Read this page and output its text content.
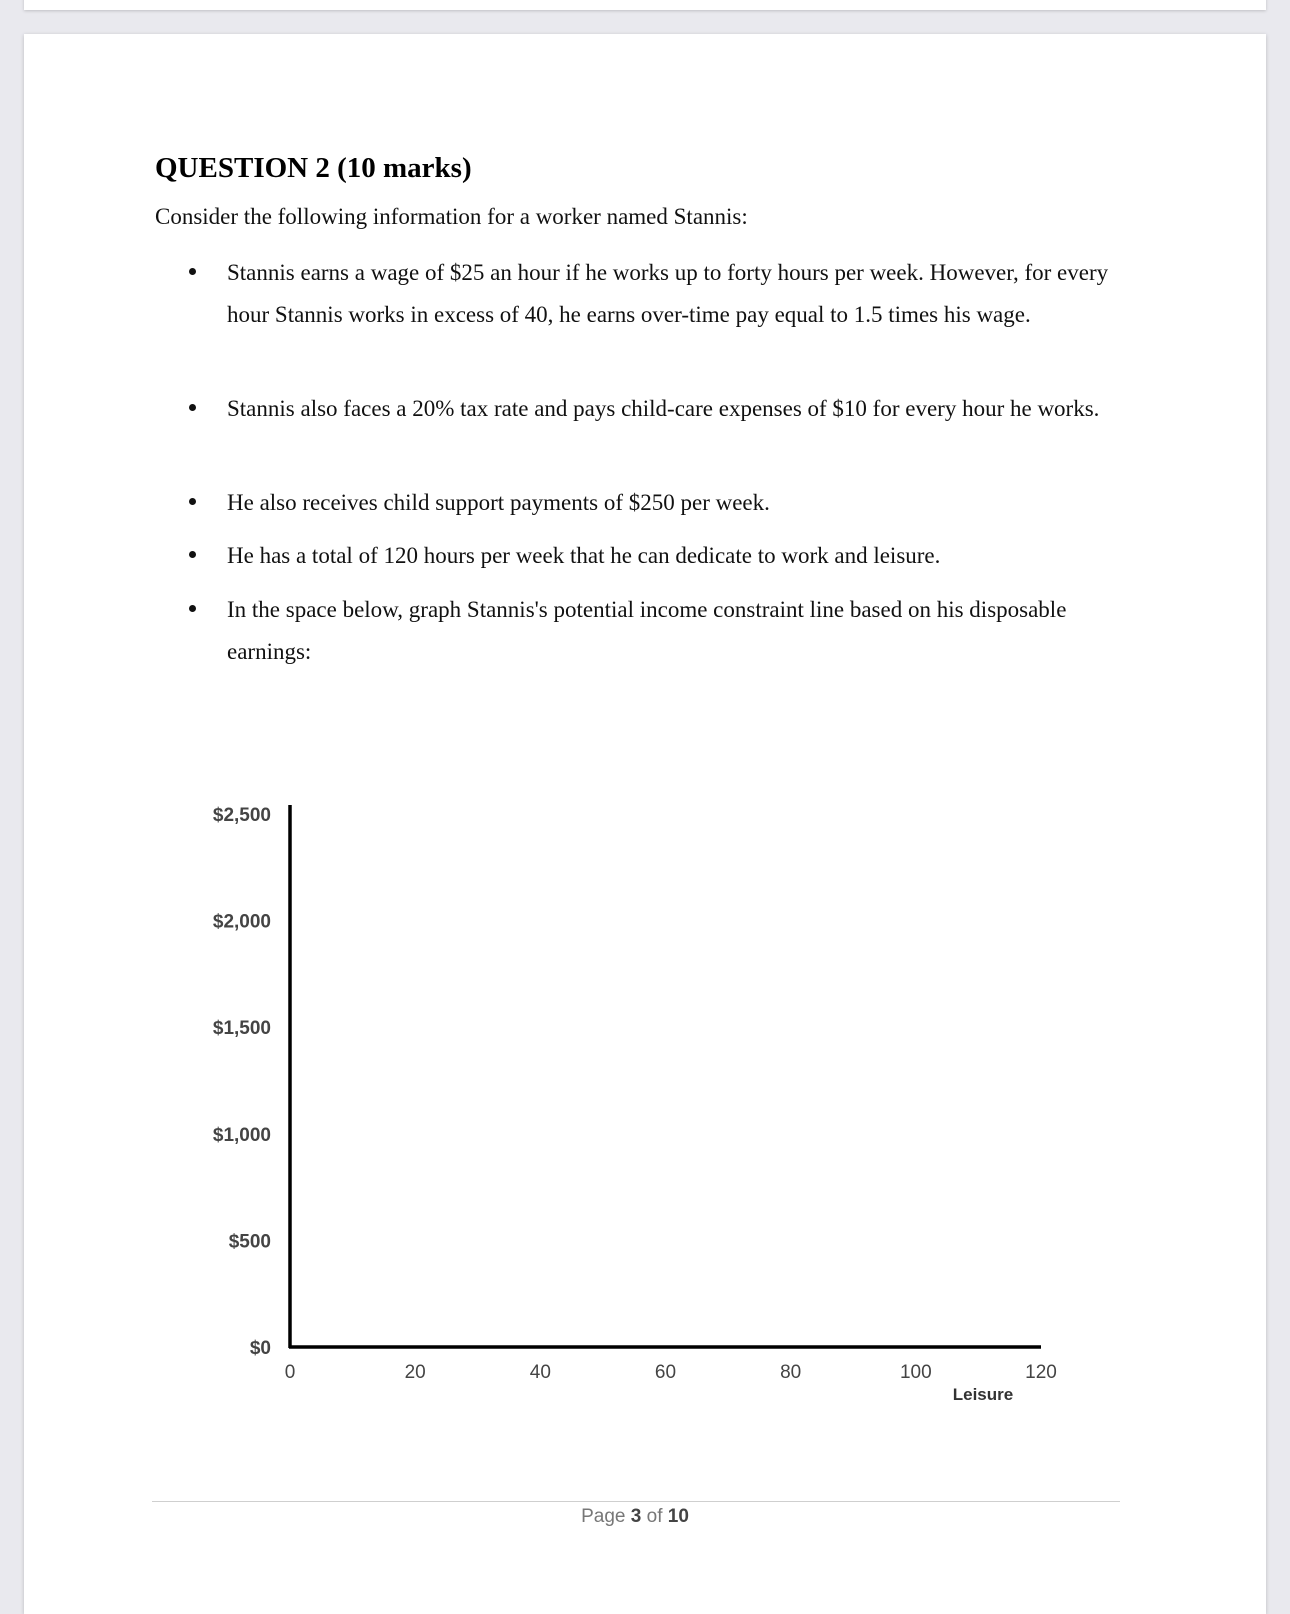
QUESTION 2 (10 marks)

Consider the following information for a worker named Stannis:

Stannis earns a wage of $25 an hour if he works up to forty hours per week. However, for every hour Stannis works in excess of 40, he earns over-time pay equal to 1.5 times his wage.
Stannis also faces a 20% tax rate and pays child-care expenses of $10 for every hour he works.
He also receives child support payments of $250 per week.
He has a total of 120 hours per week that he can dedicate to work and leisure.
In the space below, graph Stannis's potential income constraint line based on his disposable earnings:
$2,500
$2,000
$1,500
$1,000
$500
$0
0	20	40	60	80	100	120
Leisure
Page 3 of 10
